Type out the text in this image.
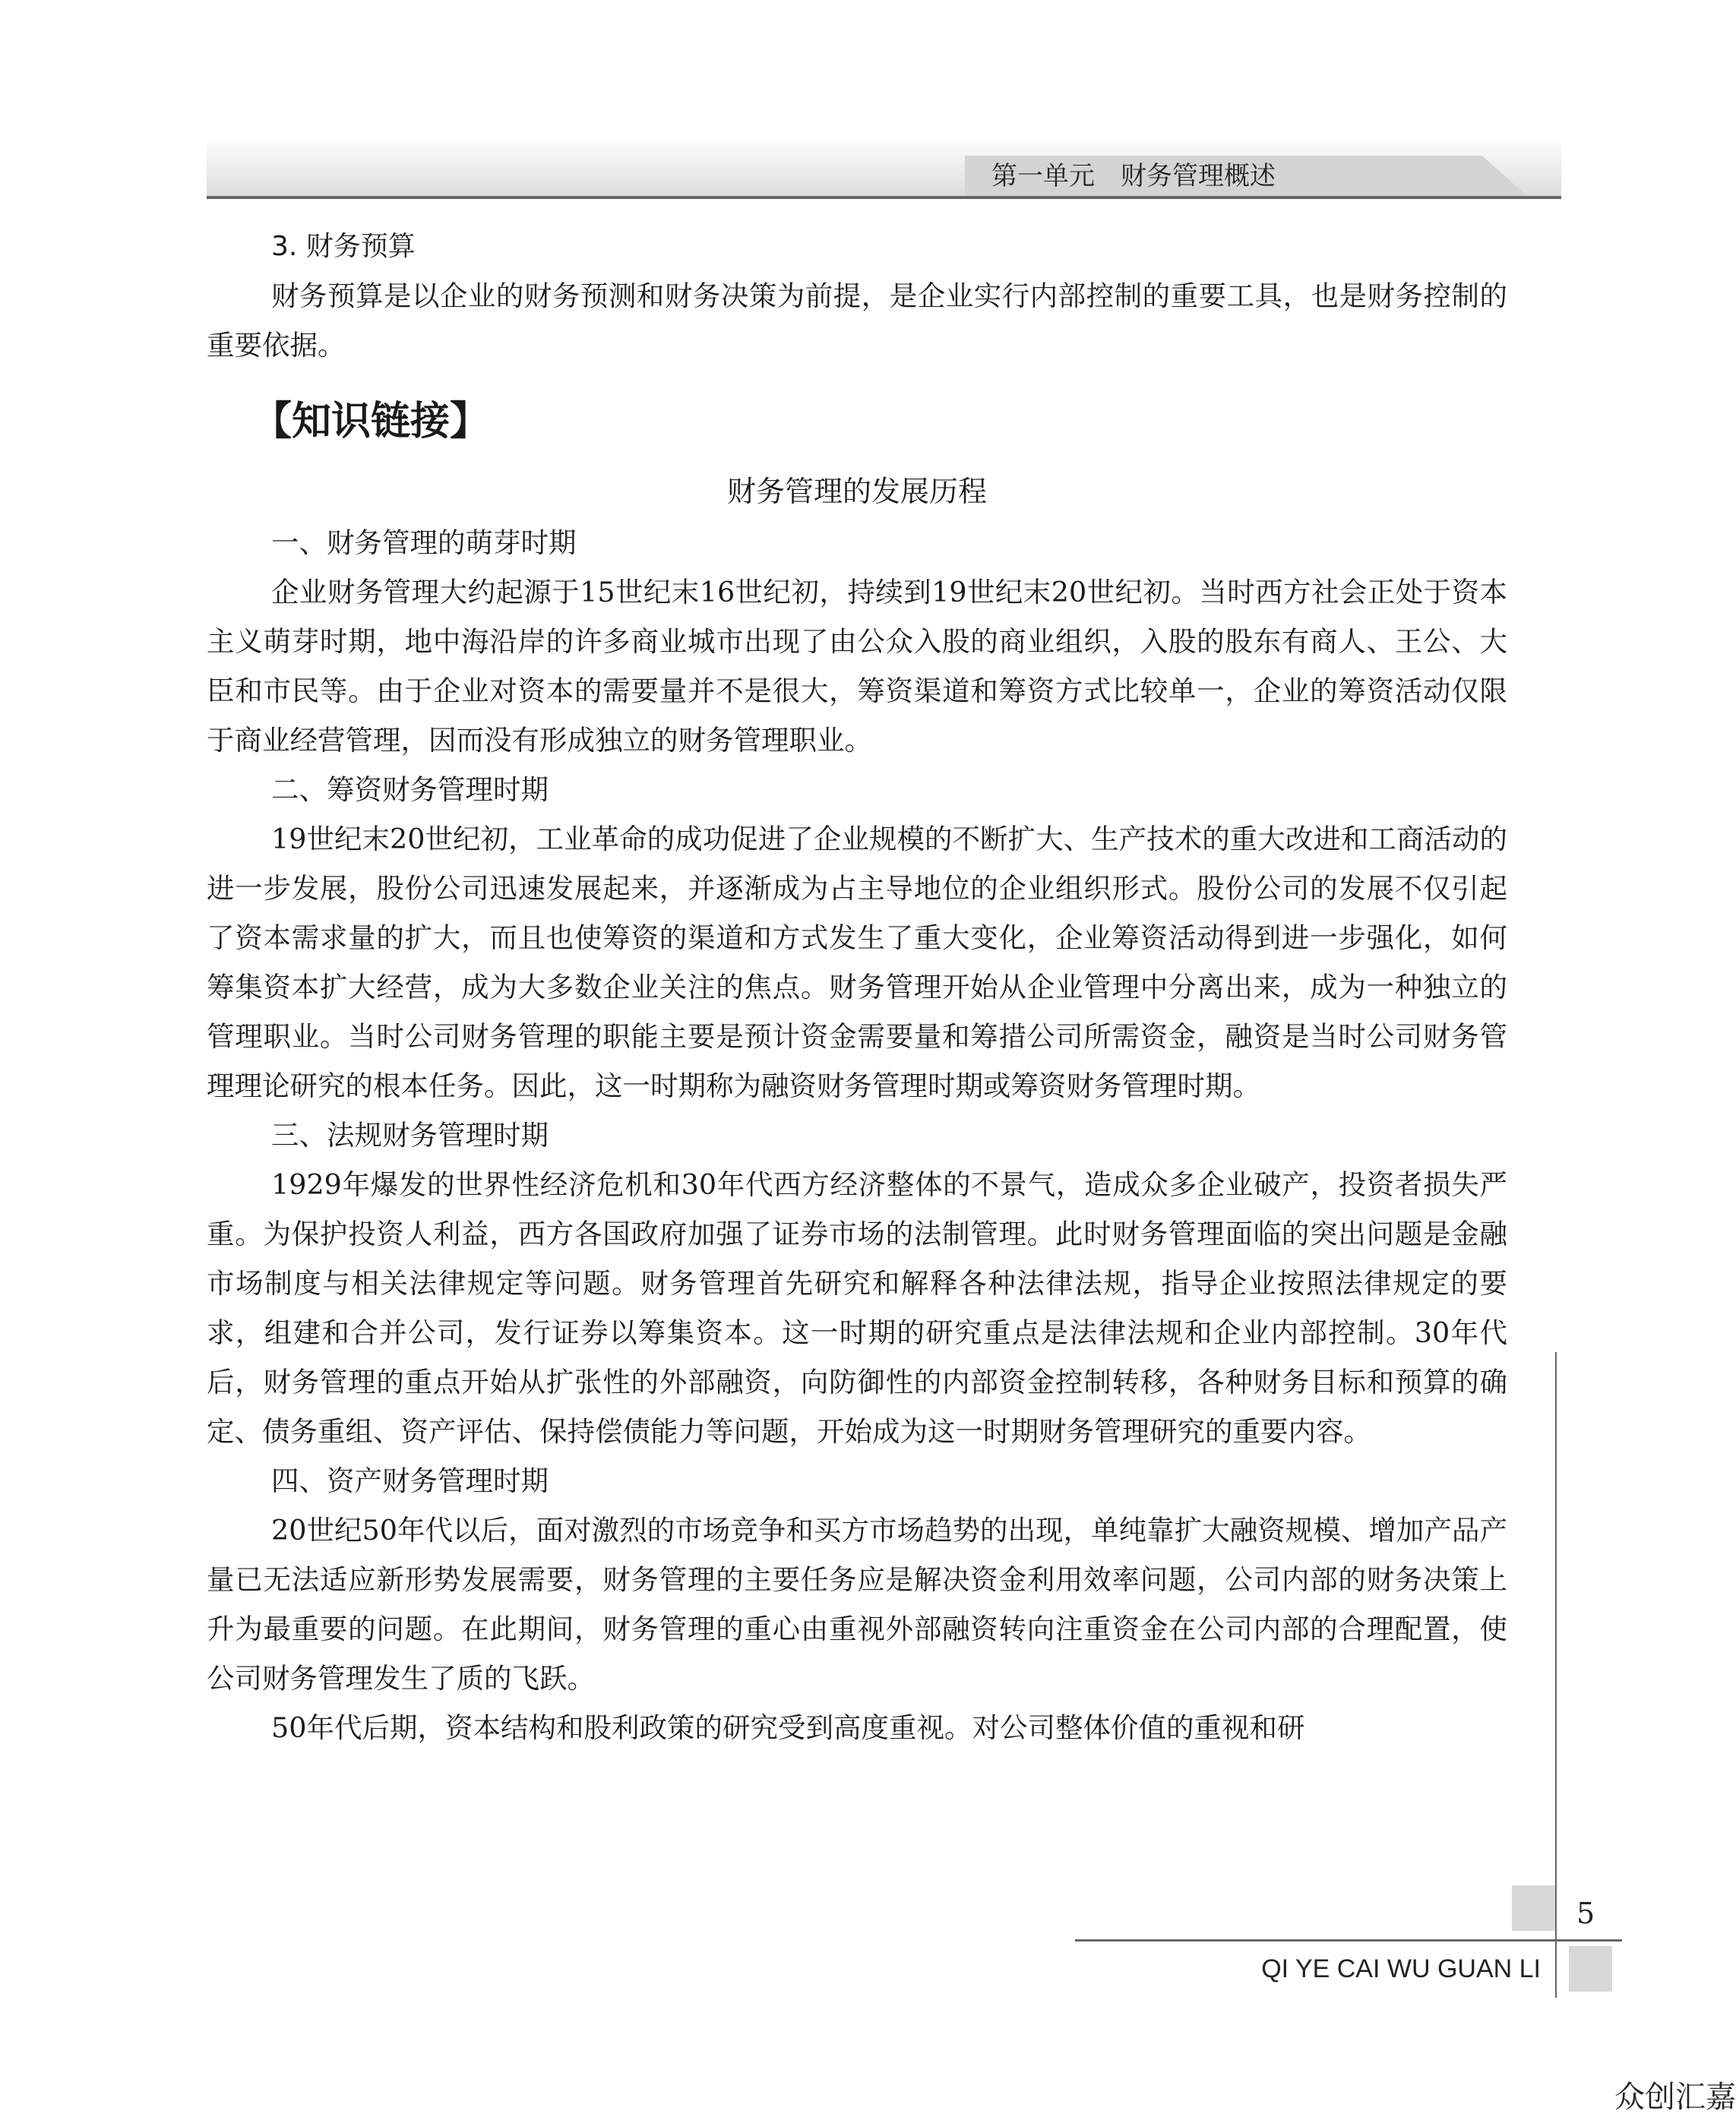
第一单元　财务管理概述
3. 财务预算

财务预算是以企业的财务预测和财务决策为前提，是企业实行内部控制的重要工具，也是财务控制的重要依据。

【知识链接】
财务管理的发展历程

一、财务管理的萌芽时期

企业财务管理大约起源于15世纪末16世纪初，持续到19世纪末20世纪初。当时西方社会正处于资本主义萌芽时期，地中海沿岸的许多商业城市出现了由公众入股的商业组织，入股的股东有商人、王公、大臣和市民等。由于企业对资本的需要量并不是很大，筹资渠道和筹资方式比较单一，企业的筹资活动仅限于商业经营管理，因而没有形成独立的财务管理职业。

二、筹资财务管理时期

19世纪末20世纪初，工业革命的成功促进了企业规模的不断扩大、生产技术的重大改进和工商活动的进一步发展，股份公司迅速发展起来，并逐渐成为占主导地位的企业组织形式。股份公司的发展不仅引起了资本需求量的扩大，而且也使筹资的渠道和方式发生了重大变化，企业筹资活动得到进一步强化，如何筹集资本扩大经营，成为大多数企业关注的焦点。财务管理开始从企业管理中分离出来，成为一种独立的管理职业。当时公司财务管理的职能主要是预计资金需要量和筹措公司所需资金，融资是当时公司财务管理理论研究的根本任务。因此，这一时期称为融资财务管理时期或筹资财务管理时期。

三、法规财务管理时期

1929年爆发的世界性经济危机和30年代西方经济整体的不景气，造成众多企业破产，投资者损失严重。为保护投资人利益，西方各国政府加强了证券市场的法制管理。此时财务管理面临的突出问题是金融市场制度与相关法律规定等问题。财务管理首先研究和解释各种法律法规，指导企业按照法律规定的要求，组建和合并公司，发行证券以筹集资本。这一时期的研究重点是法律法规和企业内部控制。30年代后，财务管理的重点开始从扩张性的外部融资，向防御性的内部资金控制转移，各种财务目标和预算的确定、债务重组、资产评估、保持偿债能力等问题，开始成为这一时期财务管理研究的重要内容。

四、资产财务管理时期

20世纪50年代以后，面对激烈的市场竞争和买方市场趋势的出现，单纯靠扩大融资规模、增加产品产量已无法适应新形势发展需要，财务管理的主要任务应是解决资金利用效率问题，公司内部的财务决策上升为最重要的问题。在此期间，财务管理的重心由重视外部融资转向注重资金在公司内部的合理配置，使公司财务管理发生了质的飞跃。

50年代后期，资本结构和股利政策的研究受到高度重视。对公司整体价值的重视和研

5
QI YE CAI WU GUAN LI
众创汇嘉
